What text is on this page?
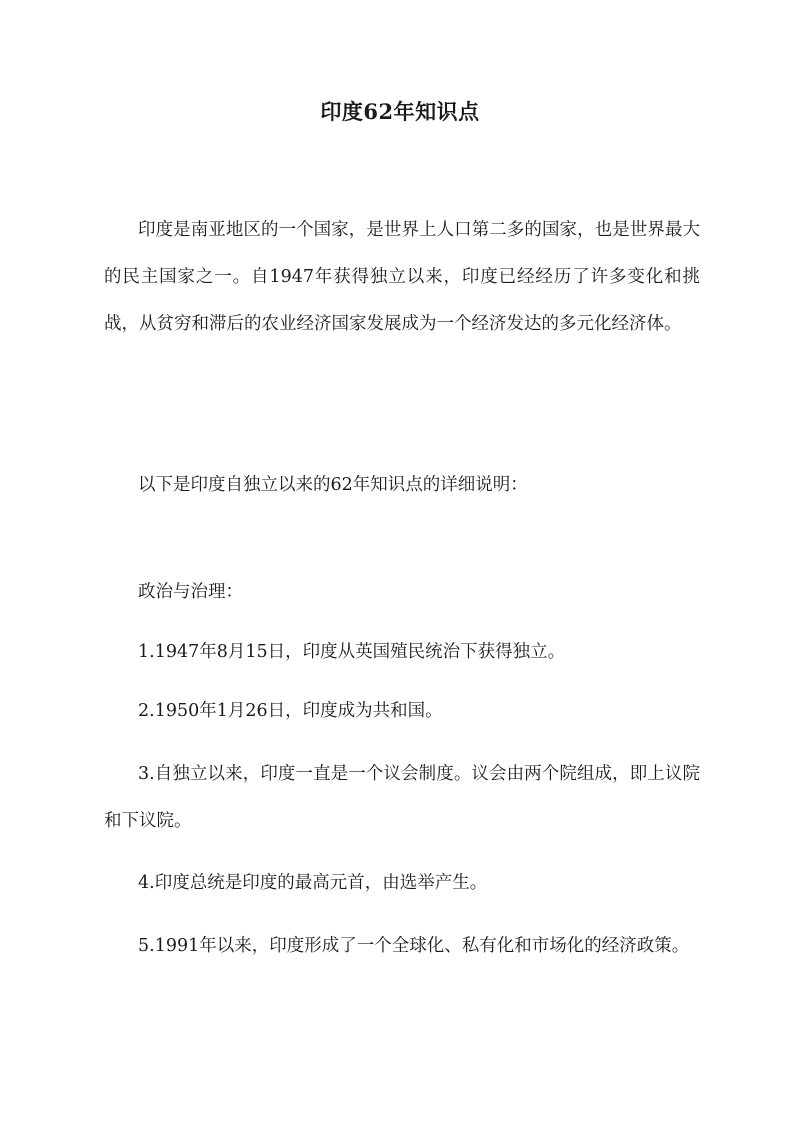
印度62年知识点

印度是南亚地区的一个国家，是世界上人口第二多的国家，也是世界最大的民主国家之一。自1947年获得独立以来，印度已经经历了许多变化和挑战，从贫穷和滞后的农业经济国家发展成为一个经济发达的多元化经济体。

以下是印度自独立以来的62年知识点的详细说明：

政治与治理：

1.1947年8月15日，印度从英国殖民统治下获得独立。

2.1950年1月26日，印度成为共和国。

3.自独立以来，印度一直是一个议会制度。议会由两个院组成，即上议院和下议院。

4.印度总统是印度的最高元首，由选举产生。

5.1991年以来，印度形成了一个全球化、私有化和市场化的经济政策。
